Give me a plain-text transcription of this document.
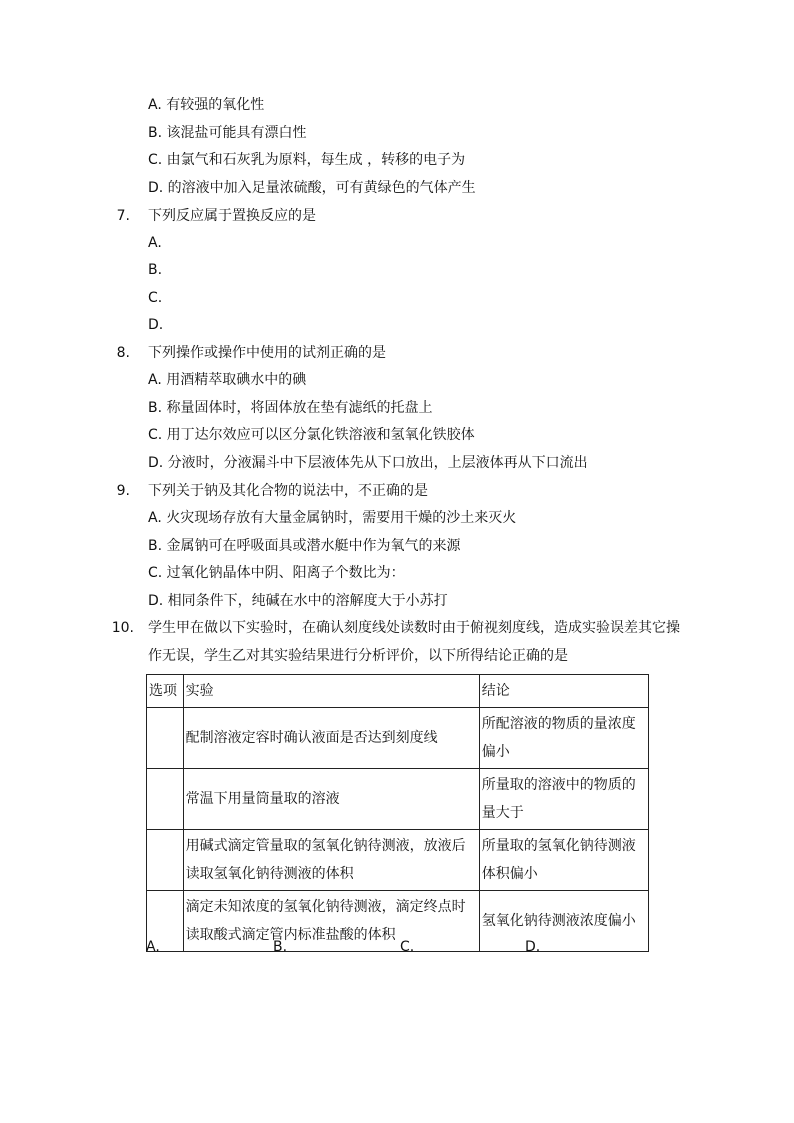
A. 有较强的氧化性
B. 该混盐可能具有漂白性
C. 由氯气和石灰乳为原料，每生成 ，转移的电子为
D. 的溶液中加入足量浓硫酸，可有黄绿色的气体产生
7. 下列反应属于置换反应的是
A.
B.
C.
D.
8. 下列操作或操作中使用的试剂正确的是
A. 用酒精萃取碘水中的碘
B. 称量固体时，将固体放在垫有滤纸的托盘上
C. 用丁达尔效应可以区分氯化铁溶液和氢氧化铁胶体
D. 分液时，分液漏斗中下层液体先从下口放出，上层液体再从下口流出
9. 下列关于钠及其化合物的说法中，不正确的是
A. 火灾现场存放有大量金属钠时，需要用干燥的沙土来灭火
B. 金属钠可在呼吸面具或潜水艇中作为氧气的来源
C. 过氧化钠晶体中阴、阳离子个数比为：
D. 相同条件下，纯碱在水中的溶解度大于小苏打
10. 学生甲在做以下实验时，在确认刻度线处读数时由于俯视刻度线，造成实验误差其它操
作无误，学生乙对其实验结果进行分析评价，以下所得结论正确的是
选项	实验	结论
	配制溶液定容时确认液面是否达到刻度线	所配溶液的物质的量浓度偏小
	常温下用量筒量取的溶液	所量取的溶液中的物质的量大于
	用碱式滴定管量取的氢氧化钠待测液，放液后读取氢氧化钠待测液的体积	所量取的氢氧化钠待测液体积偏小
	滴定未知浓度的氢氧化钠待测液，滴定终点时读取酸式滴定管内标准盐酸的体积	氢氧化钠待测液浓度偏小
A.	B.	C.	D.
